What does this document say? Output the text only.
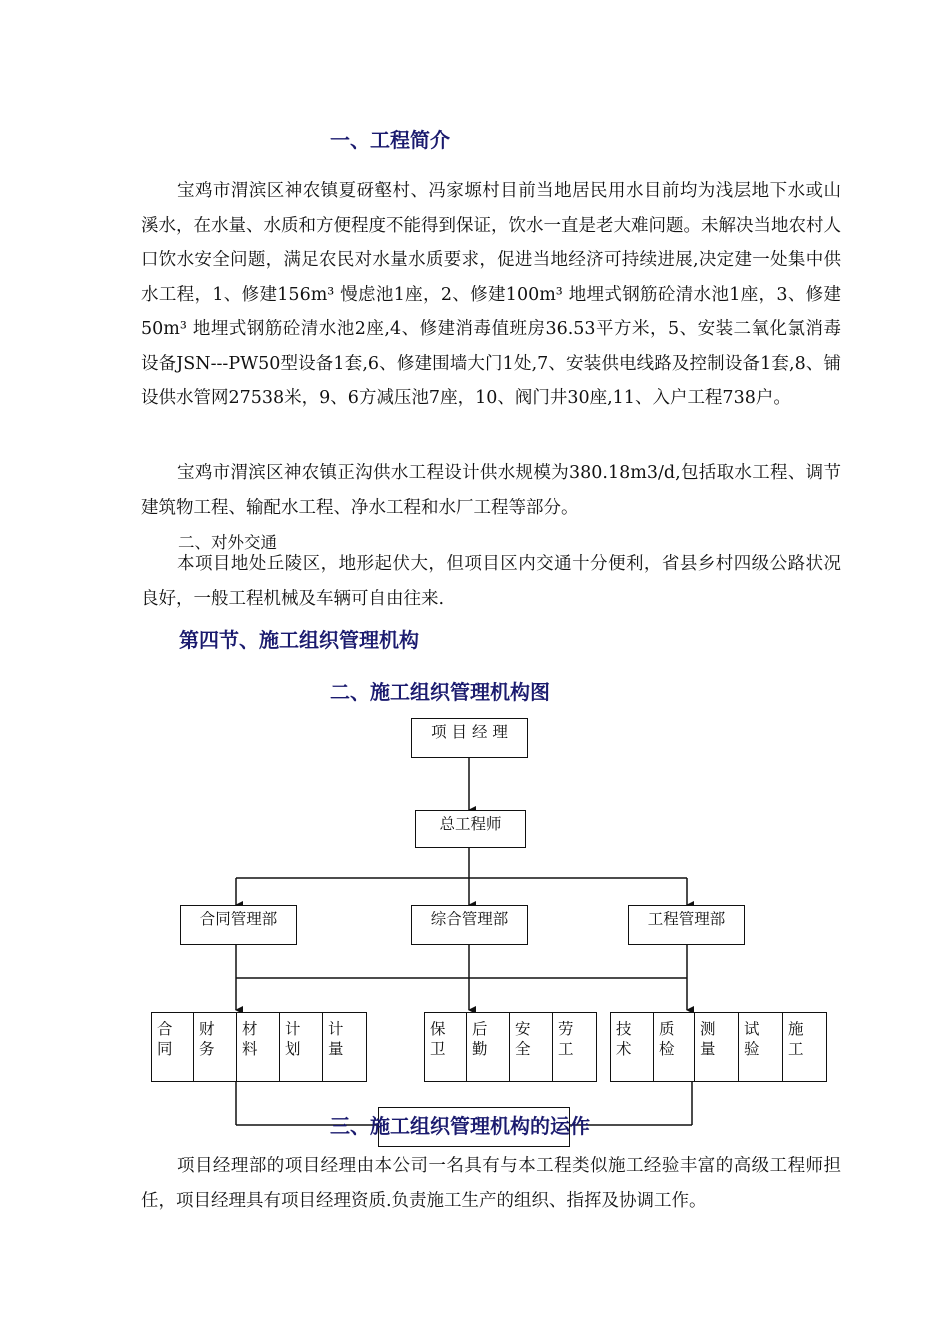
一、工程简介

宝鸡市渭滨区神农镇夏砑壑村、冯家塬村目前当地居民用水目前均为浅层地下水或山溪水，在水量、水质和方便程度不能得到保证，饮水一直是老大难问题。未解决当地农村人口饮水安全问题，满足农民对水量水质要求，促进当地经济可持续进展,决定建一处集中供水工程，1、修建156m³ 慢虑池1座，2、修建100m³ 地埋式钢筋砼清水池1座，3、修建50m³ 地埋式钢筋砼清水池2座,4、修建消毒值班房36.53平方米，5、安装二氧化氯消毒设备JSN---PW50型设备1套,6、修建围墙大门1处,7、安装供电线路及控制设备1套,8、铺设供水管网27538米，9、6方减压池7座，10、阀门井30座,11、入户工程738户。

宝鸡市渭滨区神农镇正沟供水工程设计供水规模为380.18m3/d,包括取水工程、调节建筑物工程、输配水工程、净水工程和水厂工程等部分。

二、对外交通

本项目地处丘陵区，地形起伏大，但项目区内交通十分便利，省县乡村四级公路状况良好，一般工程机械及车辆可自由往来.

第四节、施工组织管理机构
二、施工组织管理机构图
项 目 经 理
总工程师
合同管理部	综合管理部	工程管理部
合
同
财
务
材
料
计
划
计
量
保
卫
后
勤
安
全
劳
工
技
术
质
检
测
量
试
验
施
工
三、施工组织管理机构的运作

项目经理部的项目经理由本公司一名具有与本工程类似施工经验丰富的高级工程师担任，项目经理具有项目经理资质.负责施工生产的组织、指挥及协调工作。
